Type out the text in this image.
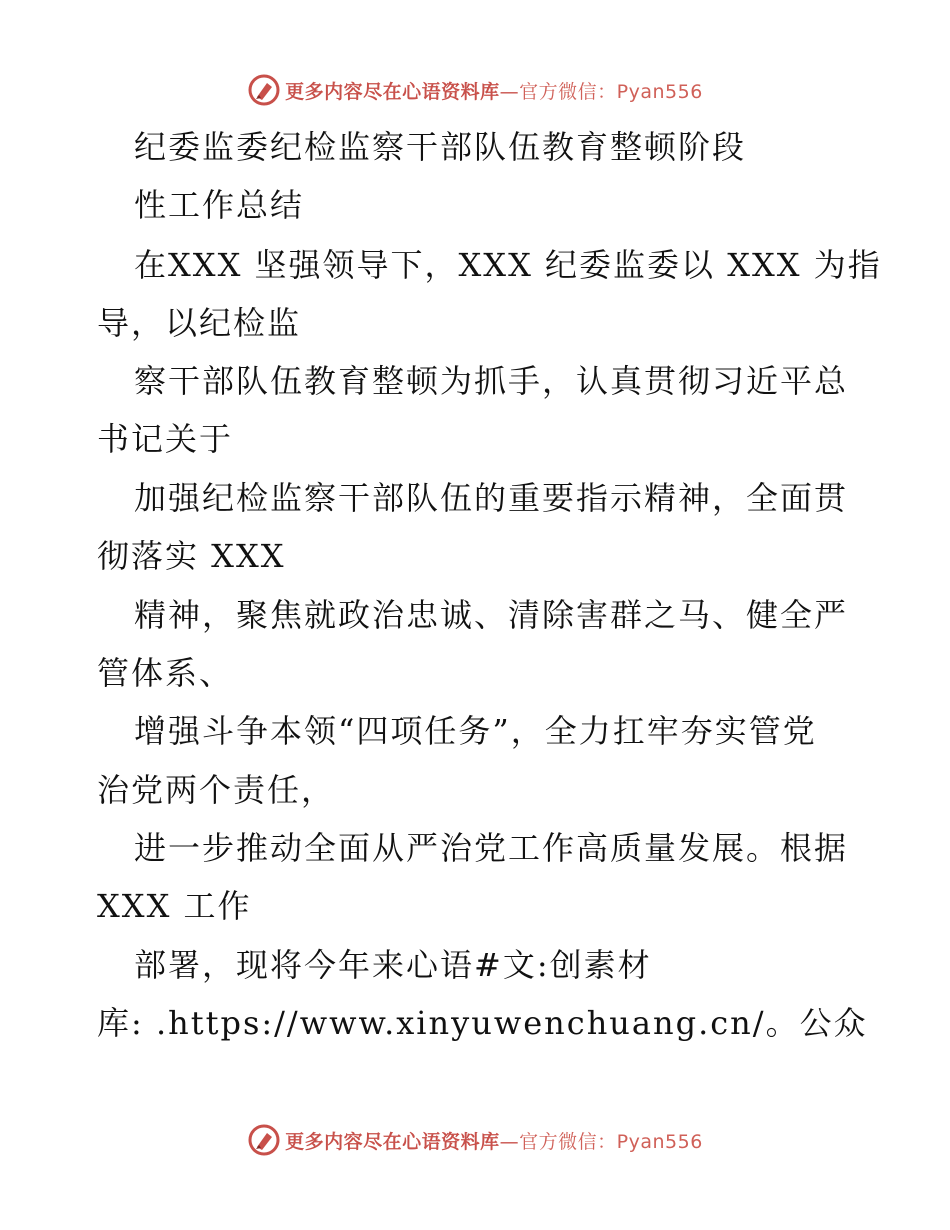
更多内容尽在心语资料库—官方微信：Pyan556
纪委监委纪检监察干部队伍教育整顿阶段
性工作总结
在XXX 坚强领导下，XXX 纪委监委以 XXX 为指
导，以纪检监
察干部队伍教育整顿为抓手，认真贯彻习近平总
书记关于
加强纪检监察干部队伍的重要指示精神，全面贯
彻落实 XXX
精神，聚焦就政治忠诚、清除害群之马、健全严
管体系、
增强斗争本领“四项任务”，全力扛牢夯实管党
治党两个责任，
进一步推动全面从严治党工作高质量发展。根据
XXX 工作
部署，现将今年来心语#文:创素材
库: .https://www.xinyuwenchuang.cn/。公众
更多内容尽在心语资料库—官方微信：Pyan556
